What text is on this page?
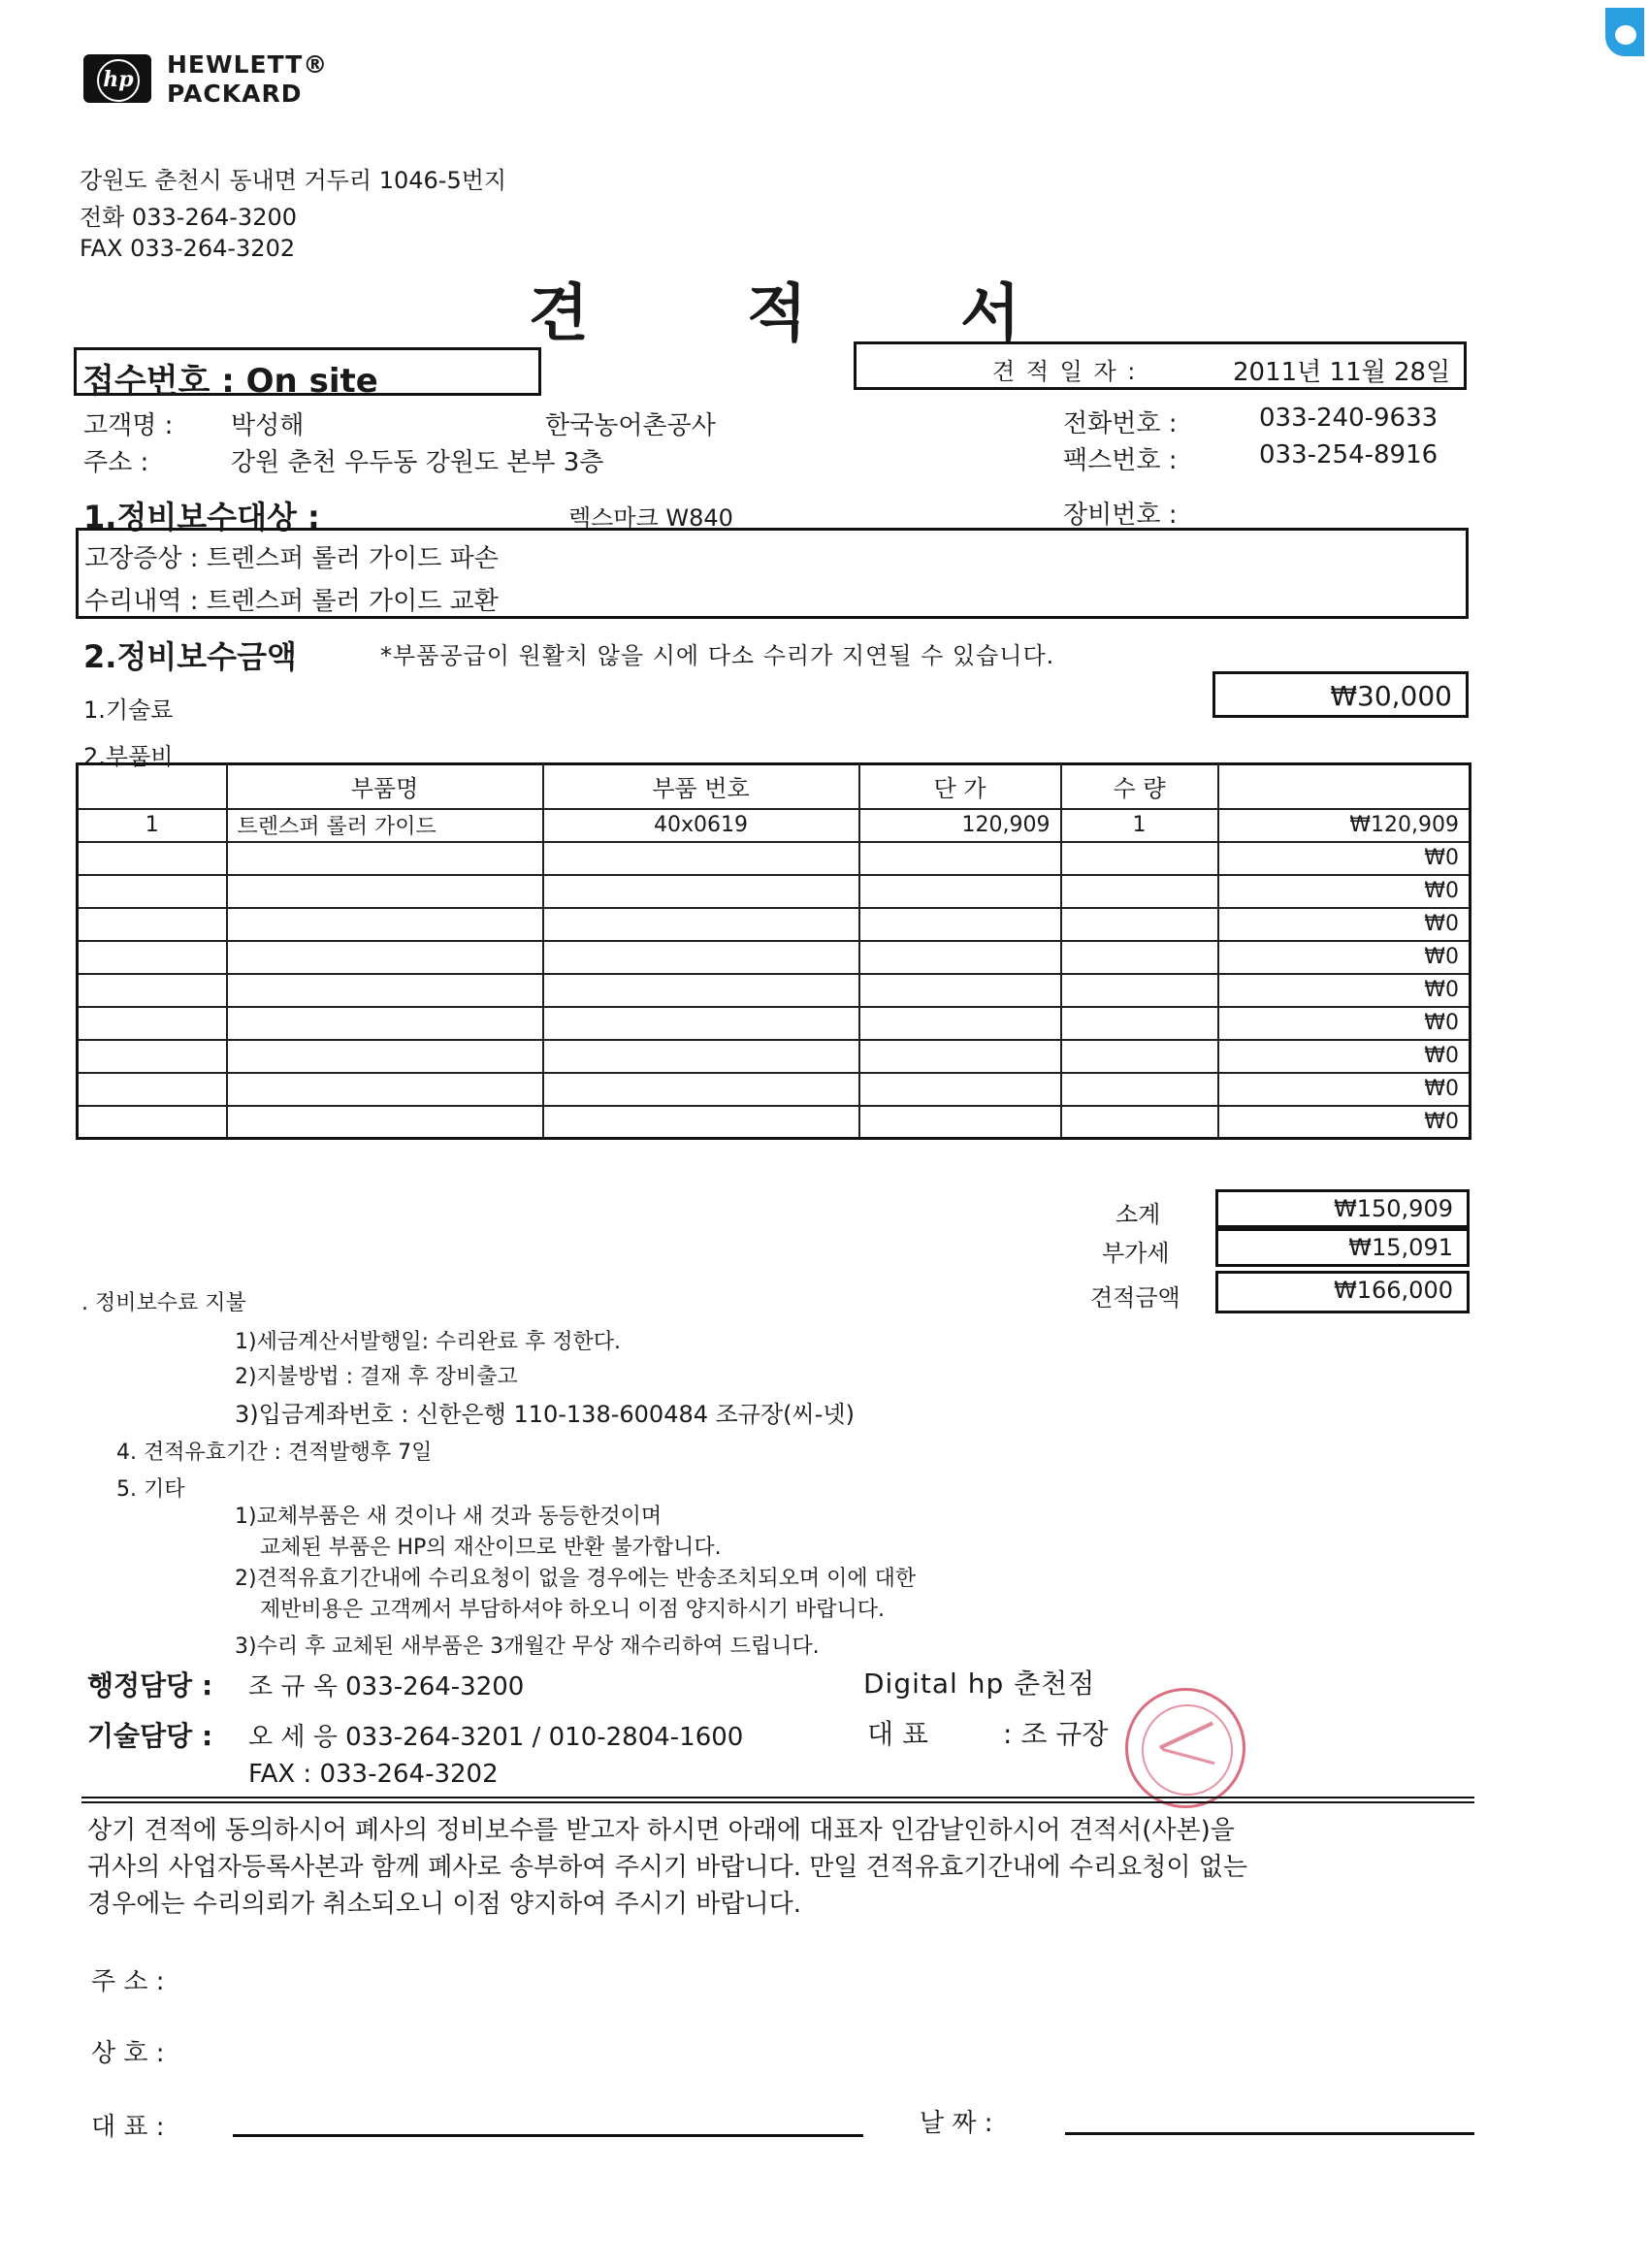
hp
HEWLETT®
PACKARD
강원도 춘천시 동내면 거두리 1046-5번지
전화 033-264-3200
FAX 033-264-3202
견	적 서
접수번호 : On site	견 적 일 자 :	2011년 11월 28일
고객명 : 박성해	한국농어촌공사
주소 :	강원 춘천 우두동 강원도 본부 3층
전화번호 :	033-240-9633
팩스번호 :	033-254-8916
1.정비보수대상 :	렉스마크 W840	장비번호 :
고장증상 : 트렌스퍼 롤러 가이드 파손
수리내역 : 트렌스퍼 롤러 가이드 교환
2.정비보수금액	*부품공급이 원활치 않을 시에 다소 수리가 지연될 수 있습니다.
1.기술료	₩30,000
2.부품비
	부품명	부품 번호	단 가	수 량	
1	트렌스퍼 롤러 가이드	40x0619	120,909	1	₩120,909
					₩0
					₩0
					₩0
					₩0
					₩0
					₩0
					₩0
					₩0
					₩0
소계	₩150,909
부가세	₩15,091
견적금액	₩166,000
. 정비보수료 지불
1)세금계산서발행일: 수리완료 후 정한다.
2)지불방법 : 결재 후 장비출고
3)입금계좌번호 : 신한은행 110-138-600484 조규장(씨-넷)
4. 견적유효기간 : 견적발행후 7일
5. 기타
1)교체부품은 새 것이나 새 것과 동등한것이며
교체된 부품은 HP의 재산이므로 반환 불가합니다.
2)견적유효기간내에 수리요청이 없을 경우에는 반송조치되오며 이에 대한
제반비용은 고객께서 부담하셔야 하오니 이점 양지하시기 바랍니다.
3)수리 후 교체된 새부품은 3개월간 무상 재수리하여 드립니다.
행정담당 : 조 규 옥 033-264-3200
기술담당 : 오 세 응 033-264-3201 / 010-2804-1600
FAX : 033-264-3202
Digital hp 춘천점
대 표	: 조 규장
상기 견적에 동의하시어 폐사의 정비보수를 받고자 하시면 아래에 대표자 인감날인하시어 견적서(사본)을
귀사의 사업자등록사본과 함께 폐사로 송부하여 주시기 바랍니다. 만일 견적유효기간내에 수리요청이 없는
경우에는 수리의뢰가 취소되오니 이점 양지하여 주시기 바랍니다.
주 소 :
상 호 :
대 표 :	날 짜 :
